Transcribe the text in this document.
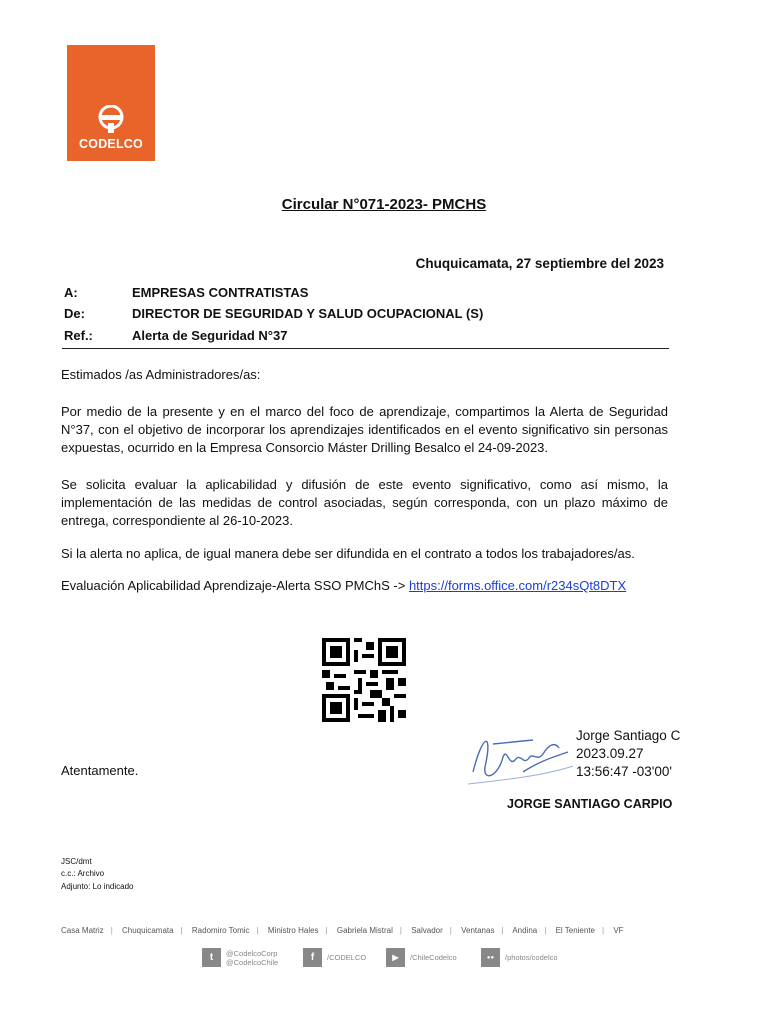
CODELCO
Circular N°071-2023- PMCHS
Chuquicamata, 27 septiembre del 2023
A:	EMPRESAS CONTRATISTAS
De:	DIRECTOR DE SEGURIDAD Y SALUD OCUPACIONAL (S)
Ref.:	Alerta de Seguridad N°37
Estimados /as Administradores/as:
Por medio de la presente y en el marco del foco de aprendizaje, compartimos la Alerta de Seguridad N°37, con el objetivo de incorporar los aprendizajes identificados en el evento significativo sin personas expuestas, ocurrido en la Empresa Consorcio Máster Drilling Besalco el 24-09-2023.
Se solicita evaluar la aplicabilidad y difusión de este evento significativo, como así mismo, la implementación de las medidas de control asociadas, según corresponda, con un plazo máximo de entrega, correspondiente al 26-10-2023.
Si la alerta no aplica, de igual manera debe ser difundida en el contrato a todos los trabajadores/as.
Evaluación Aplicabilidad Aprendizaje-Alerta SSO PMChS -> https://forms.office.com/r234sQt8DTX
Jorge Santiago C
2023.09.27
13:56:47 -03'00'
Atentamente.
JORGE SANTIAGO CARPIO
JSC/dmt
c.c.: Archivo
Adjunto: Lo indicado
Casa Matriz | Chuquicamata | Radomiro Tomic | Ministro Hales | Gabriela Mistral | Salvador | Ventanas | Andina | El Teniente | VF
t	@CodelcoCorp
@CodelcoChile	f	/CODELCO	▶	/ChileCodelco	●●	/photos/codelco
